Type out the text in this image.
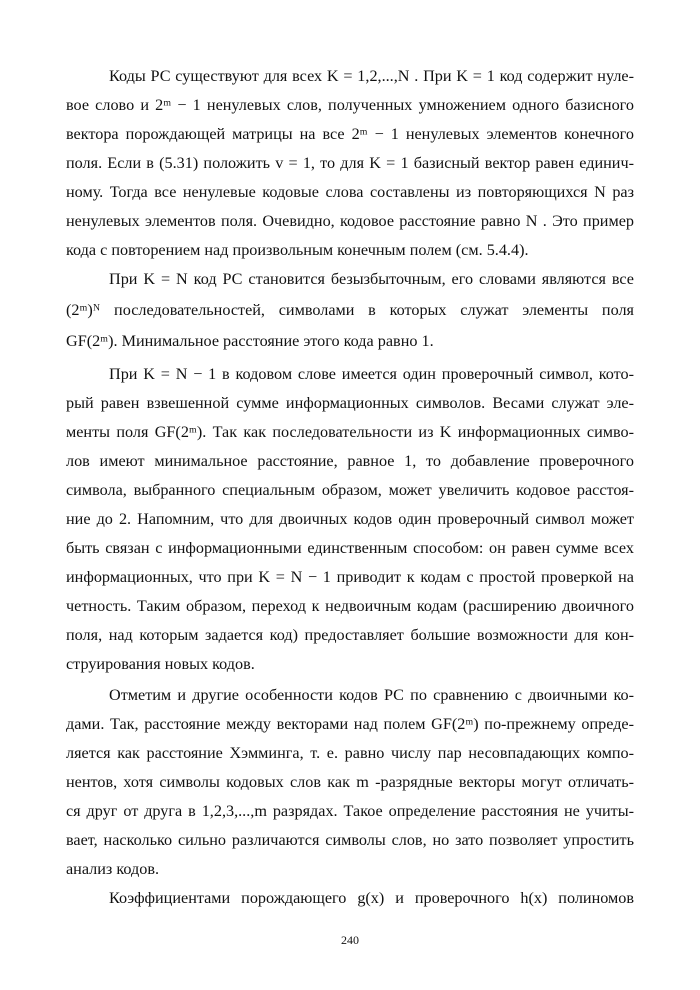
Коды РС существуют для всех K = 1,2,...,N . При K = 1 код содержит нуле-
вое слово и 2ᵐ − 1 ненулевых слов, полученных умножением одного базисного
вектора порождающей матрицы на все 2ᵐ − 1 ненулевых элементов конечного
поля. Если в (5.31) положить v = 1, то для K = 1 базисный вектор равен единич-
ному. Тогда все ненулевые кодовые слова составлены из повторяющихся N раз
ненулевых элементов поля. Очевидно, кодовое расстояние равно N . Это пример
кода с повторением над произвольным конечным полем (см. 5.4.4).
При K = N код РС становится безызбыточным, его словами являются все
(2ᵐ)ᴺ последовательностей, символами в которых служат элементы поля
GF(2ᵐ). Минимальное расстояние этого кода равно 1.
При K = N − 1 в кодовом слове имеется один проверочный символ, кото-
рый равен взвешенной сумме информационных символов. Весами служат эле-
менты поля GF(2ᵐ). Так как последовательности из K информационных симво-
лов имеют минимальное расстояние, равное 1, то добавление проверочного
символа, выбранного специальным образом, может увеличить кодовое расстоя-
ние до 2. Напомним, что для двоичных кодов один проверочный символ может
быть связан с информационными единственным способом: он равен сумме всех
информационных, что при K = N − 1 приводит к кодам с простой проверкой на
четность. Таким образом, переход к недвоичным кодам (расширению двоичного
поля, над которым задается код) предоставляет большие возможности для кон-
струирования новых кодов.
Отметим и другие особенности кодов РС по сравнению с двоичными ко-
дами. Так, расстояние между векторами над полем GF(2ᵐ) по-прежнему опреде-
ляется как расстояние Хэмминга, т. е. равно числу пар несовпадающих компо-
нентов, хотя символы кодовых слов как m -разрядные векторы могут отличать-
ся друг от друга в 1,2,3,...,m разрядах. Такое определение расстояния не учиты-
вает, насколько сильно различаются символы слов, но зато позволяет упростить
анализ кодов.
Коэффициентами порождающего g(x) и проверочного h(x) полиномов
240
